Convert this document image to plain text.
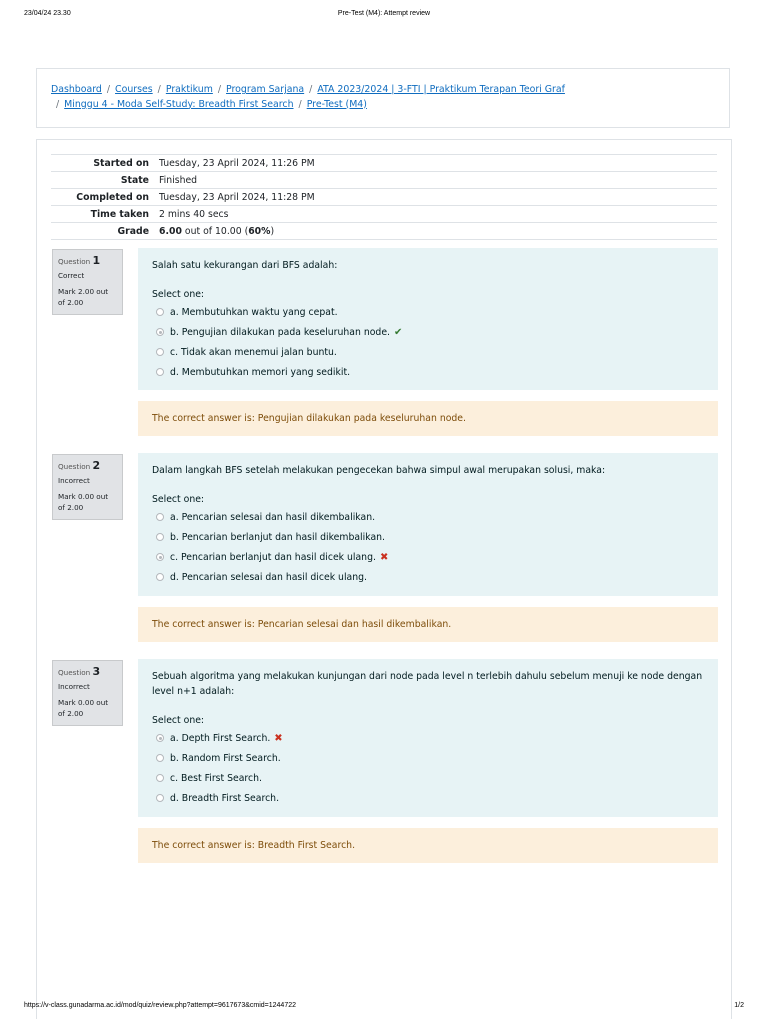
23/04/24 23.30	Pre-Test (M4): Attempt review
Dashboard / Courses / Praktikum / Program Sarjana / ATA 2023/2024 | 3-FTI | Praktikum Terapan Teori Graf
/ Minggu 4 - Moda Self-Study: Breadth First Search / Pre-Test (M4)
Started on	Tuesday, 23 April 2024, 11:26 PM
State	Finished
Completed on	Tuesday, 23 April 2024, 11:28 PM
Time taken	2 mins 40 secs
Grade	6.00 out of 10.00 (60%)
Question 1
Correct
Mark 2.00 out of 2.00

Salah satu kekurangan dari BFS adalah:

Select one:
a. Membutuhkan waktu yang cepat.
b. Pengujian dilakukan pada keseluruhan node. ✔
c. Tidak akan menemui jalan buntu.
d. Membutuhkan memori yang sedikit.
The correct answer is: Pengujian dilakukan pada keseluruhan node.
Question 2
Incorrect
Mark 0.00 out of 2.00

Dalam langkah BFS setelah melakukan pengecekan bahwa simpul awal merupakan solusi, maka:

Select one:
a. Pencarian selesai dan hasil dikembalikan.
b. Pencarian berlanjut dan hasil dikembalikan.
c. Pencarian berlanjut dan hasil dicek ulang. ✖
d. Pencarian selesai dan hasil dicek ulang.
The correct answer is: Pencarian selesai dan hasil dikembalikan.
Question 3
Incorrect
Mark 0.00 out of 2.00

Sebuah algoritma yang melakukan kunjungan dari node pada level n terlebih dahulu sebelum menuji ke node dengan level n+1 adalah:

Select one:
a. Depth First Search. ✖
b. Random First Search.
c. Best First Search.
d. Breadth First Search.
The correct answer is: Breadth First Search.
https://v-class.gunadarma.ac.id/mod/quiz/review.php?attempt=9617673&cmid=1244722	1/2
